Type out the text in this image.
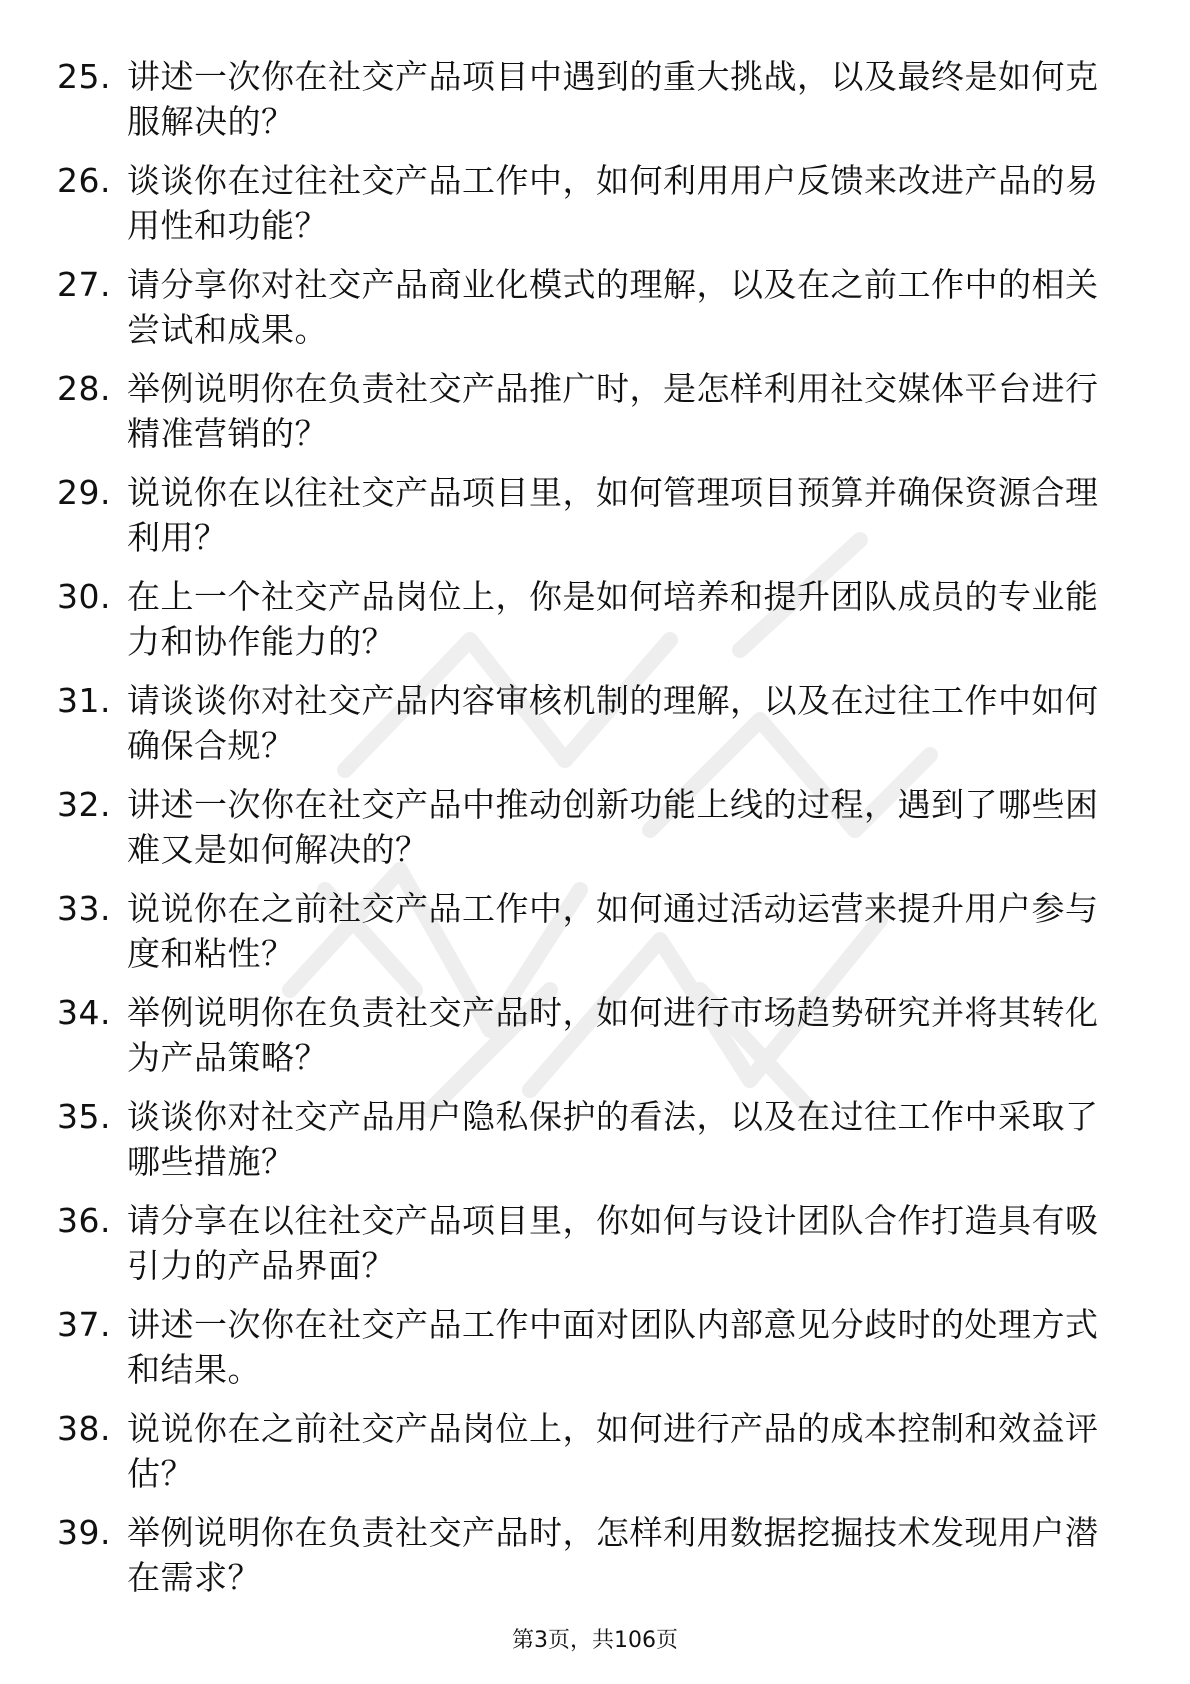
25. 讲述一次你在社交产品项目中遇到的重大挑战，以及最终是如何克服解决的？
26. 谈谈你在过往社交产品工作中，如何利用用户反馈来改进产品的易用性和功能？
27. 请分享你对社交产品商业化模式的理解，以及在之前工作中的相关尝试和成果。
28. 举例说明你在负责社交产品推广时，是怎样利用社交媒体平台进行精准营销的？
29. 说说你在以往社交产品项目里，如何管理项目预算并确保资源合理利用？
30. 在上一个社交产品岗位上，你是如何培养和提升团队成员的专业能力和协作能力的？
31. 请谈谈你对社交产品内容审核机制的理解，以及在过往工作中如何确保合规？
32. 讲述一次你在社交产品中推动创新功能上线的过程，遇到了哪些困难又是如何解决的？
33. 说说你在之前社交产品工作中，如何通过活动运营来提升用户参与度和粘性？
34. 举例说明你在负责社交产品时，如何进行市场趋势研究并将其转化为产品策略？
35. 谈谈你对社交产品用户隐私保护的看法，以及在过往工作中采取了哪些措施？
36. 请分享在以往社交产品项目里，你如何与设计团队合作打造具有吸引力的产品界面？
37. 讲述一次你在社交产品工作中面对团队内部意见分歧时的处理方式和结果。
38. 说说你在之前社交产品岗位上，如何进行产品的成本控制和效益评估？
39. 举例说明你在负责社交产品时，怎样利用数据挖掘技术发现用户潜在需求？
第3页，共106页
